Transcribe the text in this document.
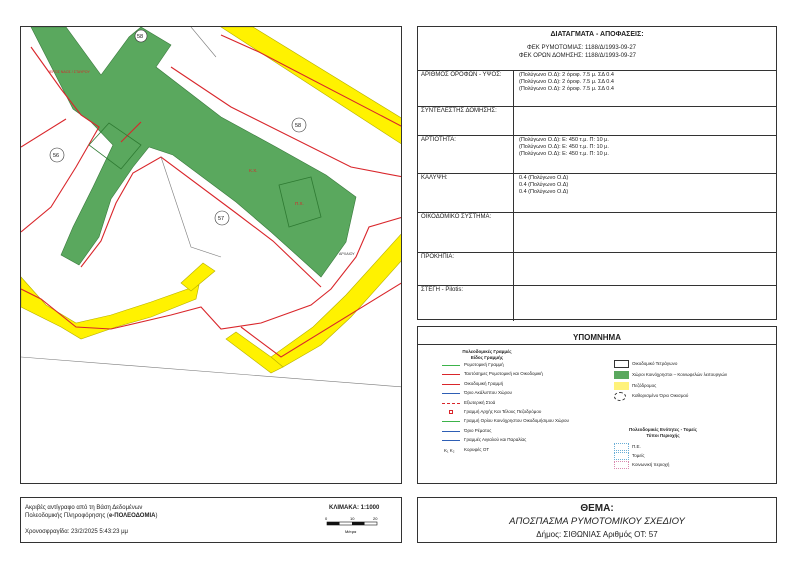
58
56
57
58
Κ.Χ.
Π.Χ.
ΙΕΡΟΣ ΝΑΟΣ / ΣΤΑΥΡΟΥ
ΑΡΧΑΙΟΥ
ΔΙΑΤΑΓΜΑΤΑ - ΑΠΟΦΑΣΕΙΣ:
ΦΕΚ ΡΥΜΟΤΟΜΙΑΣ: 1188/Δ/1993-09-27
ΦΕΚ ΟΡΩΝ ΔΟΜΗΣΗΣ: 1188/Δ/1993-09-27
ΑΡΙΘΜΟΣ ΟΡΟΦΩΝ - ΥΨΟΣ:	(Πολύγωνο Ο.Δ): 2 όροφ. 7.5 μ. ΣΔ 0.4
(Πολύγωνο Ο.Δ): 2 όροφ. 7.5 μ. ΣΔ 0.4
(Πολύγωνο Ο.Δ): 2 όροφ. 7.5 μ. ΣΔ 0.4
ΣΥΝΤΕΛΕΣΤΗΣ ΔΟΜΗΣΗΣ:
ΑΡΤΙΟΤΗΤΑ:	(Πολύγωνο Ο.Δ): Ε: 450 τ.μ. Π: 10 μ.
(Πολύγωνο Ο.Δ): Ε: 450 τ.μ. Π: 10 μ.
(Πολύγωνο Ο.Δ): Ε: 450 τ.μ. Π: 10 μ.
ΚΑΛΥΨΗ:	0.4 (Πολύγωνο Ο.Δ)
0.4 (Πολύγωνο Ο.Δ)
0.4 (Πολύγωνο Ο.Δ)
ΟΙΚΟΔΟΜΙΚΟ ΣΥΣΤΗΜΑ:
ΠΡΟΚΗΠΙΑ:
ΣΤΕΓΗ - Pilotis:
ΥΠΟΜΝΗΜΑ
Πολεοδομικές Γραμμές
Είδος Γραμμής
Ρυμοτομική Γραμμή
Ταυτόσημες Ρυμοτομική και Οικοδομική
Οικοδομική Γραμμή
Όριο Ακάλυπτου Χώρου
Εξωτερική Στοά
Γραμμή Αρχής Και Τέλους Πεζοδρόμου
Γραμμή Ορίου Κοινόχρηστου Οικοδομήσιμου Χώρου
Όριο Ρέματος
Γραμμές Αιγιαλού και Παραλίας
Κ₁ Κ₂ Κορυφές ΟΤ
Οικοδομικό Τετράγωνο
Χώροι Κοινόχρηστοι – Κοινωφελών λειτουργιών
Πεζόδρομος
Καθορισμένο Όριο Οικισμού
Πολεοδομικές Ενότητες - Τομείς
Τύποι Περιοχής
Π.Ε.
Τομείς
Κοινωνική περιοχή
Ακριβές αντίγραφο από τη Βάση Δεδομένων
Πολεοδομικής Πληροφόρησης (e-ΠΟΛΕΟΔΟΜΙΑ)
Χρονοσφραγίδα: 23/2/2025 5:43:23 μμ
ΚΛΙΜΑΚΑ: 1:1000
0	10	20
Μέτρα
ΘΕΜΑ:
ΑΠΟΣΠΑΣΜΑ ΡΥΜΟΤΟΜΙΚΟΥ ΣΧΕΔΙΟΥ
Δήμος: ΣΙΘΩΝΙΑΣ Αριθμός ΟΤ: 57
